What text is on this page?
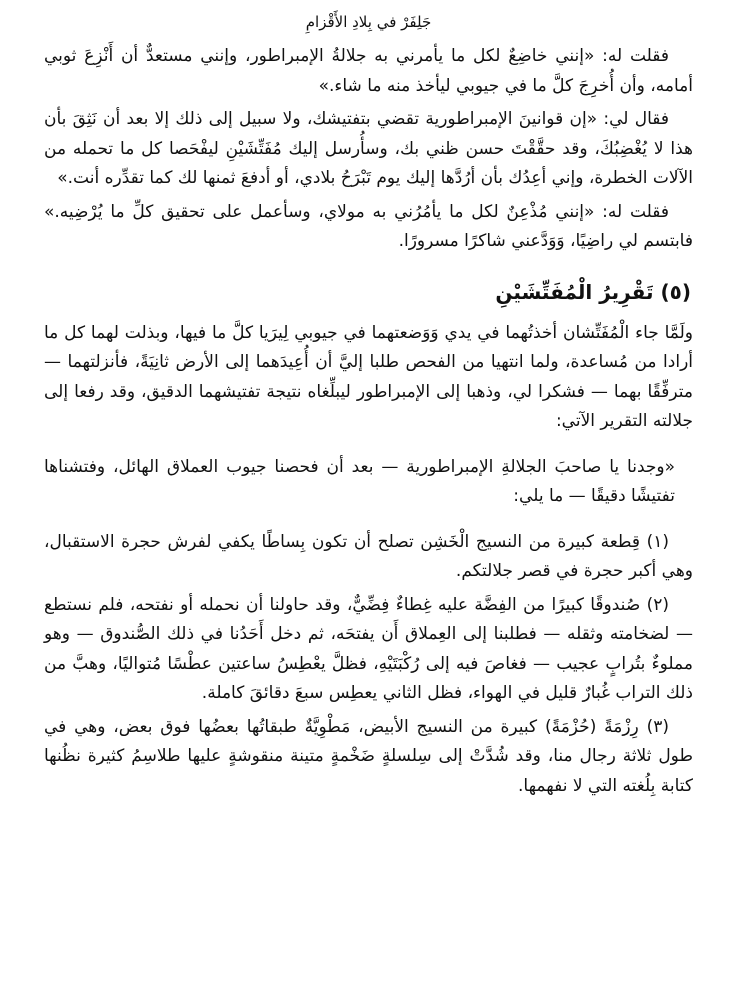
جَلِفَرْ في بِلادِ الأَقْزامِ

فقلت له: «إنني خاضِعٌ لكل ما يأمرني به جلالةُ الإمبراطور، وإنني مستعدٌّ أن أَنْزِعَ ثوبي أمامه، وأن أُخرِجَ كلَّ ما في جيوبي ليأخذ منه ما شاء.»

فقال لي: «إن قوانينَ الإمبراطورية تقضي بتفتيشك، ولا سبيل إلى ذلك إلا بعد أن نَثِقَ بأن هذا لا يُغْضِبُكَ، وقد حقَّقْتَ حسن ظني بك، وسأُرسل إليك مُفَتِّشَيْنِ ليفْحَصا كل ما تحمله من الآلات الخطرة، وإني أعِدُك بأن أرُدَّها إليك يوم تَبْرَحُ بلادي، أو أدفعَ ثمنها لك كما تقدِّره أنت.»

فقلت له: «إنني مُذْعِنٌ لكل ما يأمُرُني به مولاي، وسأعمل على تحقيق كلِّ ما يُرْضِيه.» فابتسم لي راضِيًا، وَوَدَّعني شاكرًا مسرورًا.

(٥) تَقْرِيرُ الْمُفَتِّشَيْنِ

ولَمَّا جاء الْمُفَتِّشان أخذتُهما في يدي وَوَضعتهما في جيوبي لِيرَيا كلَّ ما فيها، وبذلت لهما كل ما أرادا من مُساعدة، ولما انتهيا من الفحص طلبا إليَّ أن أُعِيدَهما إلى الأرض ثانِيَةً، فأنزلتهما — مترفِّقًا بهما — فشكرا لي، وذهبا إلى الإمبراطور ليبلِّغاه نتيجة تفتيشهما الدقيق، وقد رفعا إلى جلالته التقرير الآتي:

«وجدنا يا صاحبَ الجلالةِ الإمبراطورية — بعد أن فحصنا جيوب العملاق الهائل، وفتشناها تفتيشًا دقيقًا — ما يلي:

(١) قِطعة كبيرة من النسيج الْخَشِن تصلح أن تكون بِساطًا يكفي لفرش حجرة الاستقبال، وهي أكبر حجرة في قصر جلالتكم.

(٢) صُندوقًا كبيرًا من الفِضَّة عليه غِطاءٌ فِضِّيٌّ، وقد حاولنا أن نحمله أو نفتحه، فلم نستطع — لضخامته وثقله — فطلبنا إلى العِملاق أَن يفتحَه، ثم دخل أَحَدُنا في ذلك الصُّندوق — وهو مملوءٌ بتُرابٍ عجيب — فغاصَ فيه إلى رُكْبَتَيْهِ، فظلَّ يعْطِسُ ساعتين عطْسًا مُتواليًا، وهبَّ من ذلك التراب غُبارٌ قليل في الهواء، فظل الثاني يعطِس سبعَ دقائقَ كاملة.

(٣) رِزْمَةً (حُزْمَةً) كبيرة من النسيج الأبيض، مَطْوِيَّةٌ طبقاتُها بعضُها فوق بعض، وهي في طول ثلاثة رجال منا، وقد شُدَّتْ إلى سِلسلةٍ ضَخْمةٍ متينة منقوشةٍ عليها طلاسِمُ كثيرة نظُنها كتابة بِلُغته التي لا نفهمها.
